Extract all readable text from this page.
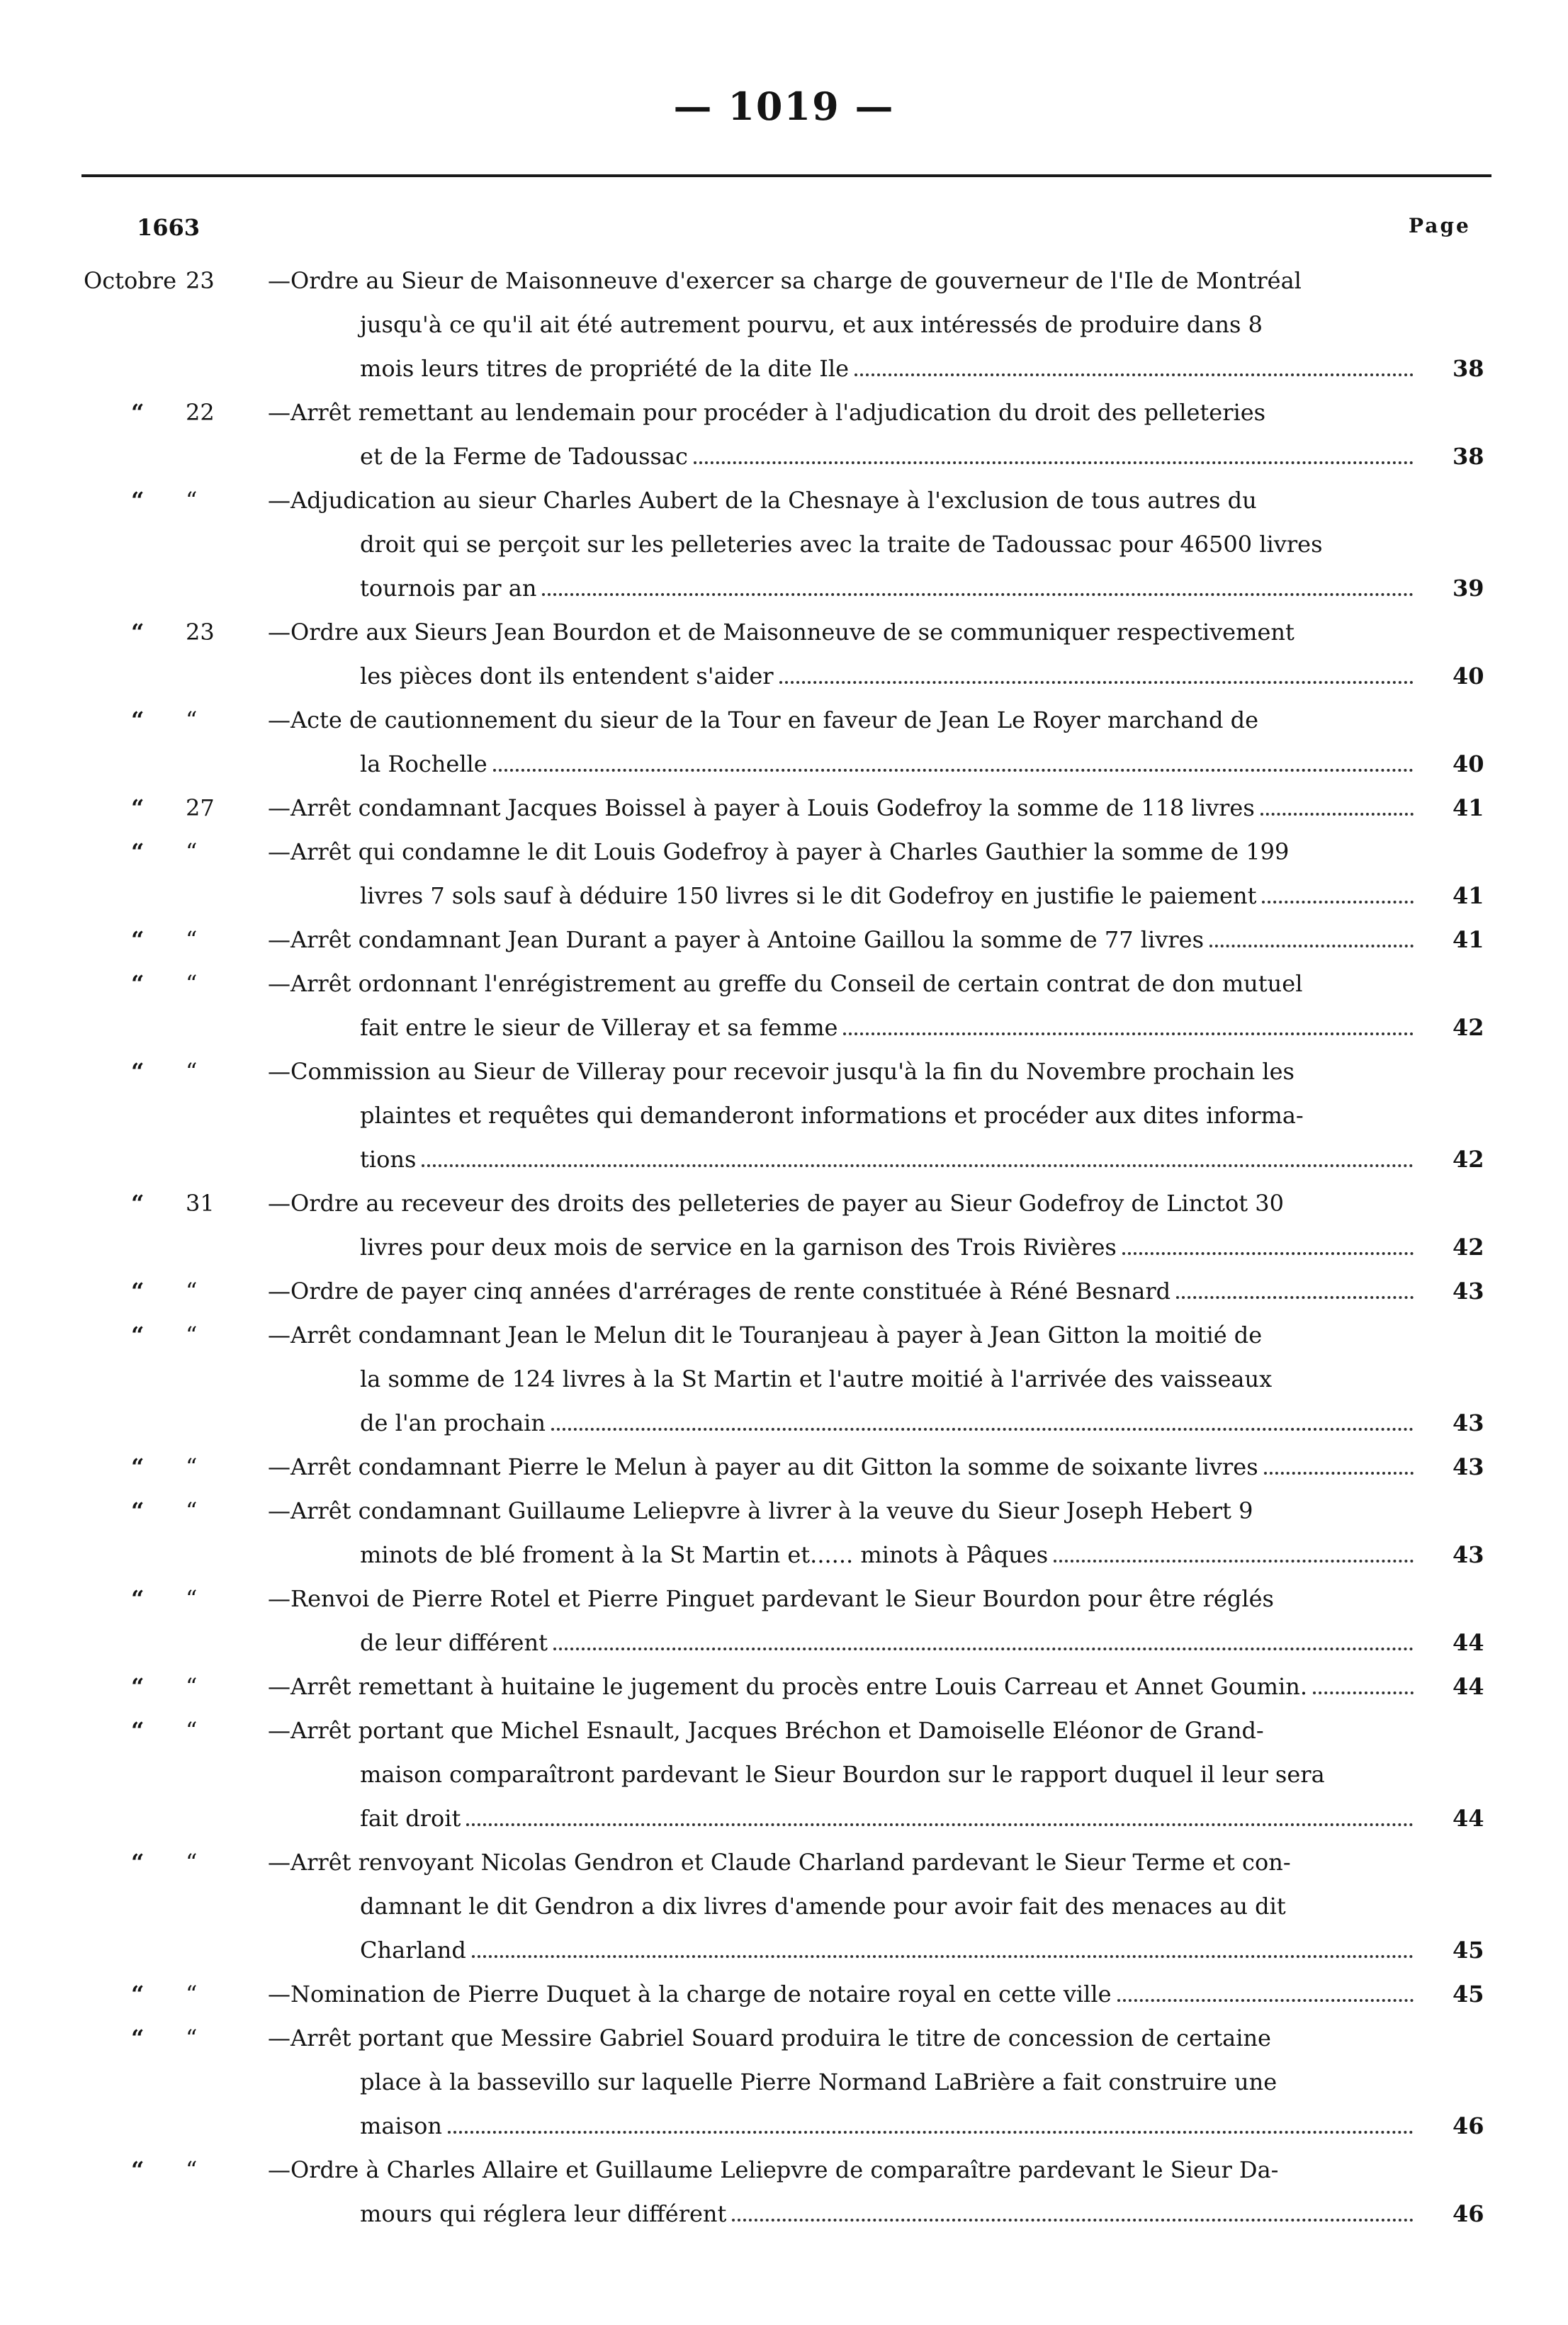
— 1019 —
1663	Page
Octobre 23 —Ordre au Sieur de Maisonneuve d'exercer sa charge de gouverneur de l'Ile de Montréal
jusqu'à ce qu'il ait été autrement pourvu, et aux intéressés de produire dans 8
mois leurs titres de propriété de la dite Ile	38
“ 22 —Arrêt remettant au lendemain pour procéder à l'adjudication du droit des pelleteries
et de la Ferme de Tadoussac	38
“ “	—Adjudication au sieur Charles Aubert de la Chesnaye à l'exclusion de tous autres du
droit qui se perçoit sur les pelleteries avec la traite de Tadoussac pour 46500 livres
tournois par an	39
“ 23 —Ordre aux Sieurs Jean Bourdon et de Maisonneuve de se communiquer respectivement
les pièces dont ils entendent s'aider	40
“ “	—Acte de cautionnement du sieur de la Tour en faveur de Jean Le Royer marchand de
la Rochelle	40
“ 27 —Arrêt condamnant Jacques Boissel à payer à Louis Godefroy la somme de 118 livres	41
“ “	—Arrêt qui condamne le dit Louis Godefroy à payer à Charles Gauthier la somme de 199
livres 7 sols sauf à déduire 150 livres si le dit Godefroy en justifie le paiement	41
“ “	—Arrêt condamnant Jean Durant a payer à Antoine Gaillou la somme de 77 livres	41
“ “	—Arrêt ordonnant l'enrégistrement au greffe du Conseil de certain contrat de don mutuel
fait entre le sieur de Villeray et sa femme	42
“ “	—Commission au Sieur de Villeray pour recevoir jusqu'à la fin du Novembre prochain les
plaintes et requêtes qui demanderont informations et procéder aux dites informa-
tions	42
“ 31 —Ordre au receveur des droits des pelleteries de payer au Sieur Godefroy de Linctot 30
livres pour deux mois de service en la garnison des Trois Rivières	42
“ “	—Ordre de payer cinq années d'arrérages de rente constituée à Réné Besnard	43
“ “	—Arrêt condamnant Jean le Melun dit le Touranjeau à payer à Jean Gitton la moitié de
la somme de 124 livres à la St Martin et l'autre moitié à l'arrivée des vaisseaux
de l'an prochain	43
“ “	—Arrêt condamnant Pierre le Melun à payer au dit Gitton la somme de soixante livres	43
“ “	—Arrêt condamnant Guillaume Leliepvre à livrer à la veuve du Sieur Joseph Hebert 9
minots de blé froment à la St Martin et...... minots à Pâques	43
“ “	—Renvoi de Pierre Rotel et Pierre Pinguet pardevant le Sieur Bourdon pour être réglés
de leur différent	44
“ “	—Arrêt remettant à huitaine le jugement du procès entre Louis Carreau et Annet Goumin.	44
“ “	—Arrêt portant que Michel Esnault, Jacques Bréchon et Damoiselle Eléonor de Grand-
maison comparaîtront pardevant le Sieur Bourdon sur le rapport duquel il leur sera
fait droit	44
“ “	—Arrêt renvoyant Nicolas Gendron et Claude Charland pardevant le Sieur Terme et con-
damnant le dit Gendron a dix livres d'amende pour avoir fait des menaces au dit
Charland	45
“ “	—Nomination de Pierre Duquet à la charge de notaire royal en cette ville	45
“ “	—Arrêt portant que Messire Gabriel Souard produira le titre de concession de certaine
place à la bassevillo sur laquelle Pierre Normand LaBrière a fait construire une
maison	46
“ “	—Ordre à Charles Allaire et Guillaume Leliepvre de comparaître pardevant le Sieur Da-
mours qui réglera leur différent	46
